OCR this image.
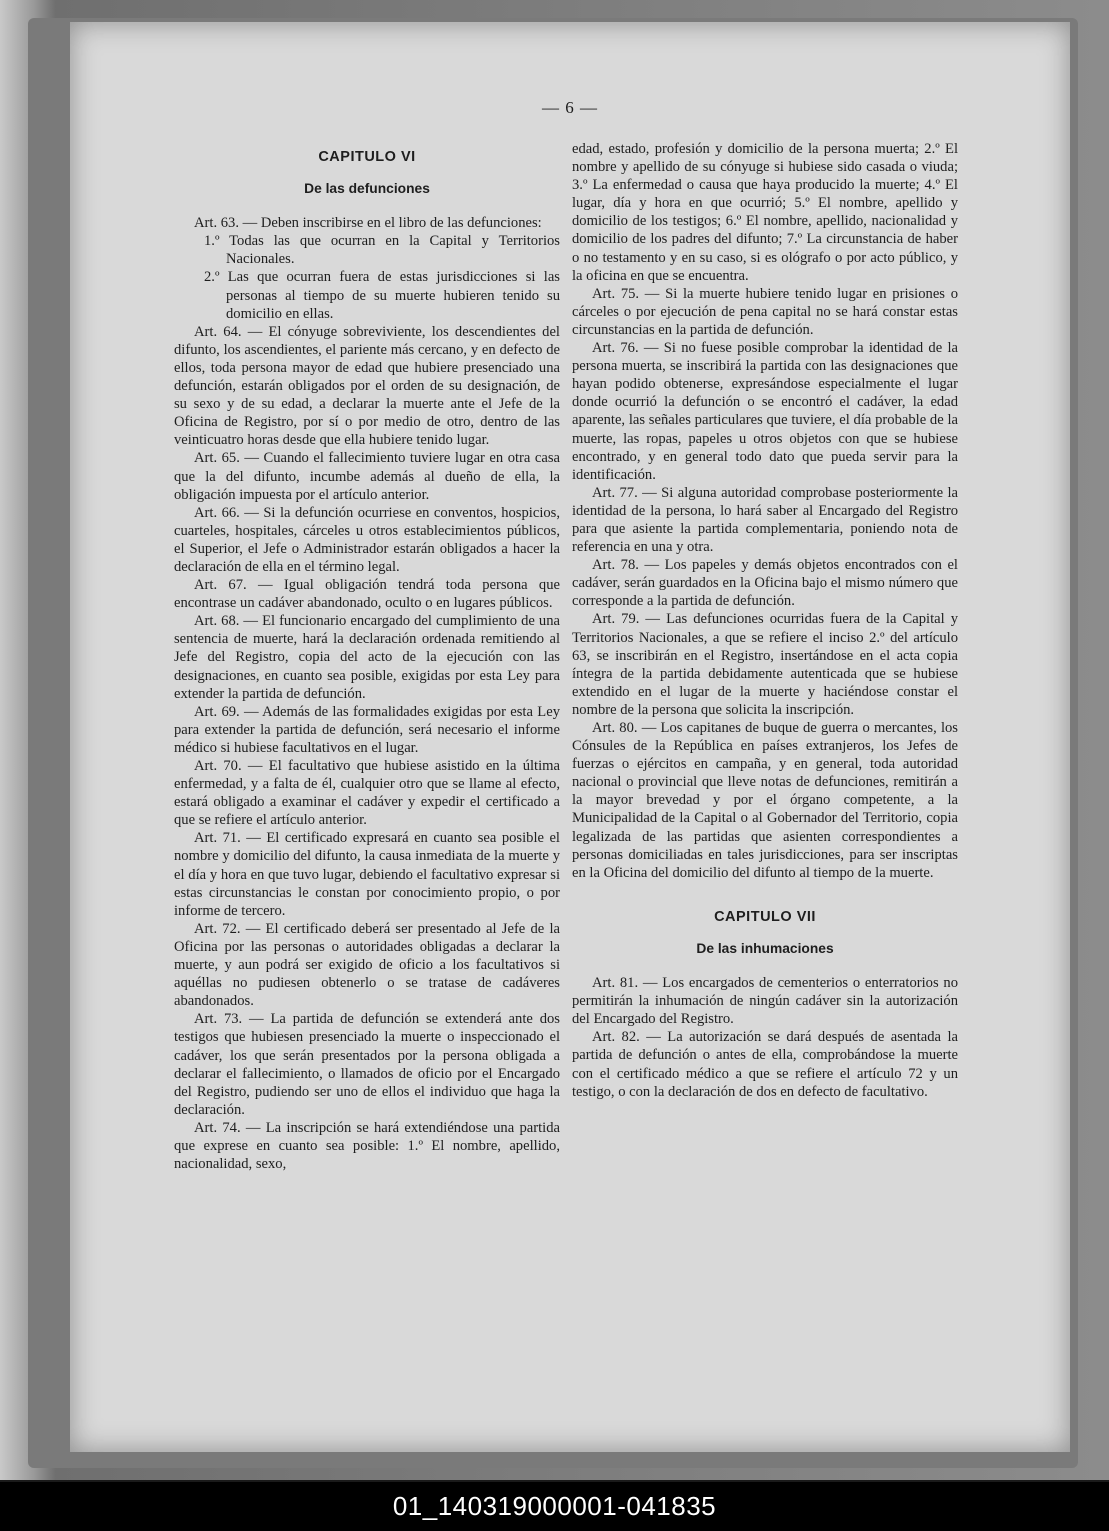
— 6 —
CAPITULO VI
De las defunciones

Art. 63. — Deben inscribirse en el libro de las defunciones:

1.º Todas las que ocurran en la Capital y Territorios Nacionales.

2.º Las que ocurran fuera de estas jurisdicciones si las personas al tiempo de su muerte hubieren tenido su domicilio en ellas.

Art. 64. — El cónyuge sobreviviente, los descendientes del difunto, los ascendientes, el pariente más cercano, y en defecto de ellos, toda persona mayor de edad que hubiere presenciado una defunción, estarán obligados por el orden de su designación, de su sexo y de su edad, a declarar la muerte ante el Jefe de la Oficina de Registro, por sí o por medio de otro, dentro de las veinticuatro horas desde que ella hubiere tenido lugar.

Art. 65. — Cuando el fallecimiento tuviere lugar en otra casa que la del difunto, incumbe además al dueño de ella, la obligación impuesta por el artículo anterior.

Art. 66. — Si la defunción ocurriese en conventos, hospicios, cuarteles, hospitales, cárceles u otros establecimientos públicos, el Superior, el Jefe o Administrador estarán obligados a hacer la declaración de ella en el término legal.

Art. 67. — Igual obligación tendrá toda persona que encontrase un cadáver abandonado, oculto o en lugares públicos.

Art. 68. — El funcionario encargado del cumplimiento de una sentencia de muerte, hará la declaración ordenada remitiendo al Jefe del Registro, copia del acto de la ejecución con las designaciones, en cuanto sea posible, exigidas por esta Ley para extender la partida de defunción.

Art. 69. — Además de las formalidades exigidas por esta Ley para extender la partida de defunción, será necesario el informe médico si hubiese facultativos en el lugar.

Art. 70. — El facultativo que hubiese asistido en la última enfermedad, y a falta de él, cualquier otro que se llame al efecto, estará obligado a examinar el cadáver y expedir el certificado a que se refiere el artículo anterior.

Art. 71. — El certificado expresará en cuanto sea posible el nombre y domicilio del difunto, la causa inmediata de la muerte y el día y hora en que tuvo lugar, debiendo el facultativo expresar si estas circunstancias le constan por conocimiento propio, o por informe de tercero.

Art. 72. — El certificado deberá ser presentado al Jefe de la Oficina por las personas o autoridades obligadas a declarar la muerte, y aun podrá ser exigido de oficio a los facultativos si aquéllas no pudiesen obtenerlo o se tratase de cadáveres abandonados.

Art. 73. — La partida de defunción se extenderá ante dos testigos que hubiesen presenciado la muerte o inspeccionado el cadáver, los que serán presentados por la persona obligada a declarar el fallecimiento, o llamados de oficio por el Encargado del Registro, pudiendo ser uno de ellos el individuo que haga la declaración.

Art. 74. — La inscripción se hará extendiéndose una partida que exprese en cuanto sea posible: 1.º El nombre, apellido, nacionalidad, sexo,

edad, estado, profesión y domicilio de la persona muerta; 2.º El nombre y apellido de su cónyuge si hubiese sido casada o viuda; 3.º La enfermedad o causa que haya producido la muerte; 4.º El lugar, día y hora en que ocurrió; 5.º El nombre, apellido y domicilio de los testigos; 6.º El nombre, apellido, nacionalidad y domicilio de los padres del difunto; 7.º La circunstancia de haber o no testamento y en su caso, si es ológrafo o por acto público, y la oficina en que se encuentra.

Art. 75. — Si la muerte hubiere tenido lugar en prisiones o cárceles o por ejecución de pena capital no se hará constar estas circunstancias en la partida de defunción.

Art. 76. — Si no fuese posible comprobar la identidad de la persona muerta, se inscribirá la partida con las designaciones que hayan podido obtenerse, expresándose especialmente el lugar donde ocurrió la defunción o se encontró el cadáver, la edad aparente, las señales particulares que tuviere, el día probable de la muerte, las ropas, papeles u otros objetos con que se hubiese encontrado, y en general todo dato que pueda servir para la identificación.

Art. 77. — Si alguna autoridad comprobase posteriormente la identidad de la persona, lo hará saber al Encargado del Registro para que asiente la partida complementaria, poniendo nota de referencia en una y otra.

Art. 78. — Los papeles y demás objetos encontrados con el cadáver, serán guardados en la Oficina bajo el mismo número que corresponde a la partida de defunción.

Art. 79. — Las defunciones ocurridas fuera de la Capital y Territorios Nacionales, a que se refiere el inciso 2.º del artículo 63, se inscribirán en el Registro, insertándose en el acta copia íntegra de la partida debidamente autenticada que se hubiese extendido en el lugar de la muerte y haciéndose constar el nombre de la persona que solicita la inscripción.

Art. 80. — Los capitanes de buque de guerra o mercantes, los Cónsules de la República en países extranjeros, los Jefes de fuerzas o ejércitos en campaña, y en general, toda autoridad nacional o provincial que lleve notas de defunciones, remitirán a la mayor brevedad y por el órgano competente, a la Municipalidad de la Capital o al Gobernador del Territorio, copia legalizada de las partidas que asienten correspondientes a personas domiciliadas en tales jurisdicciones, para ser inscriptas en la Oficina del domicilio del difunto al tiempo de la muerte.

CAPITULO VII
De las inhumaciones

Art. 81. — Los encargados de cementerios o enterratorios no permitirán la inhumación de ningún cadáver sin la autorización del Encargado del Registro.

Art. 82. — La autorización se dará después de asentada la partida de defunción o antes de ella, comprobándose la muerte con el certificado médico a que se refiere el artículo 72 y un testigo, o con la declaración de dos en defecto de facultativo.

01_140319000001-041835
